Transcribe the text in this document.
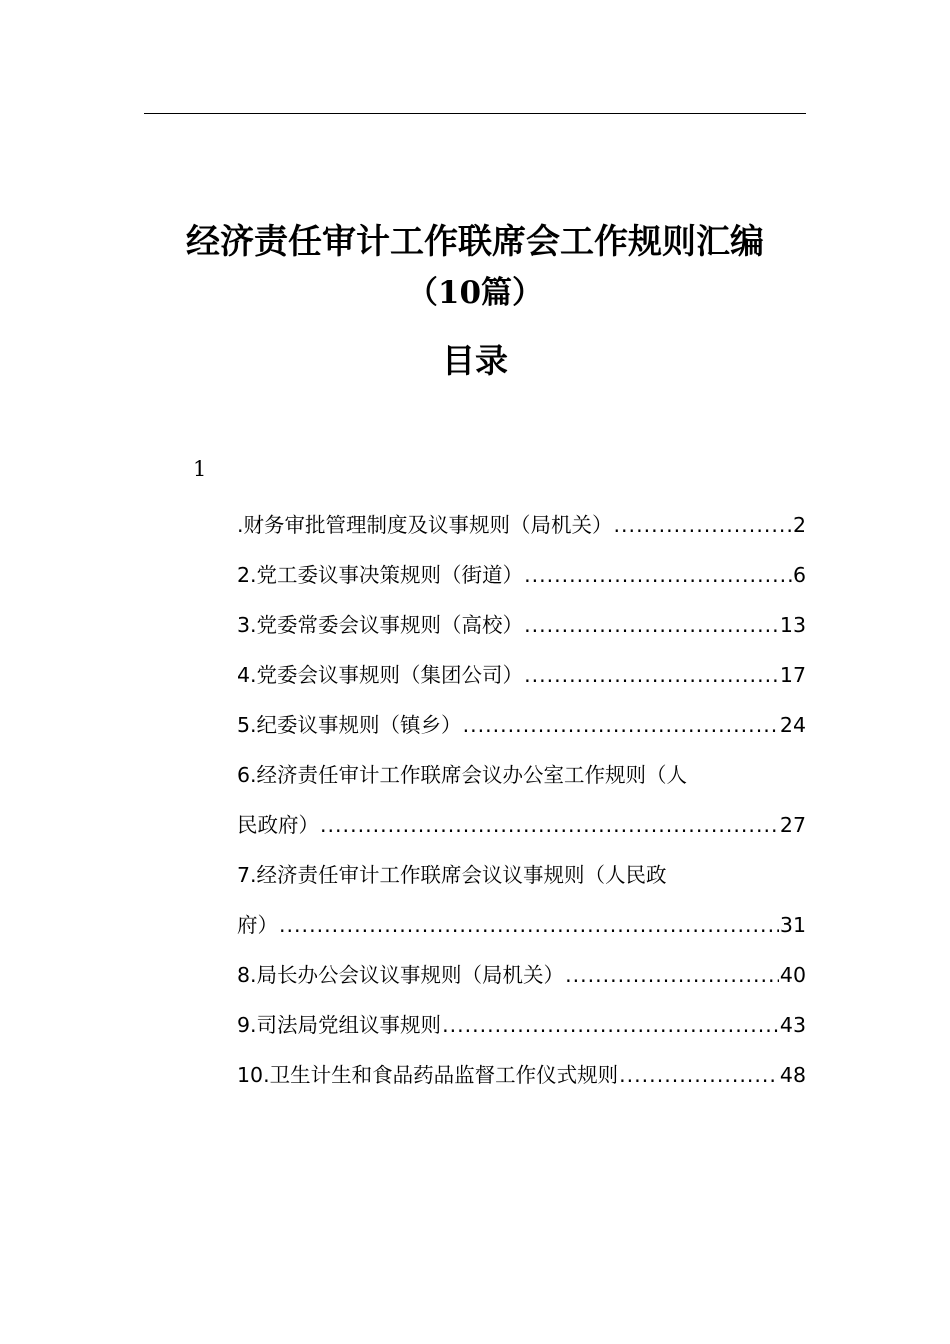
经济责任审计工作联席会工作规则汇编
（10篇）
目录
1
.财务审批管理制度及议事规则（局机关） .....	2
2.党工委议事决策规则（街道） .....	6
3.党委常委会议事规则（高校） .....	13
4.党委会议事规则（集团公司） .....	17
5.纪委议事规则（镇乡） .....	24
6.经济责任审计工作联席会议办公室工作规则（人
民政府） .....	27
7.经济责任审计工作联席会议议事规则（人民政
府） .....	31
8.局长办公会议议事规则（局机关） .....	40
9.司法局党组议事规则 .....	43
10.卫生计生和食品药品监督工作仪式规则 .....	48
